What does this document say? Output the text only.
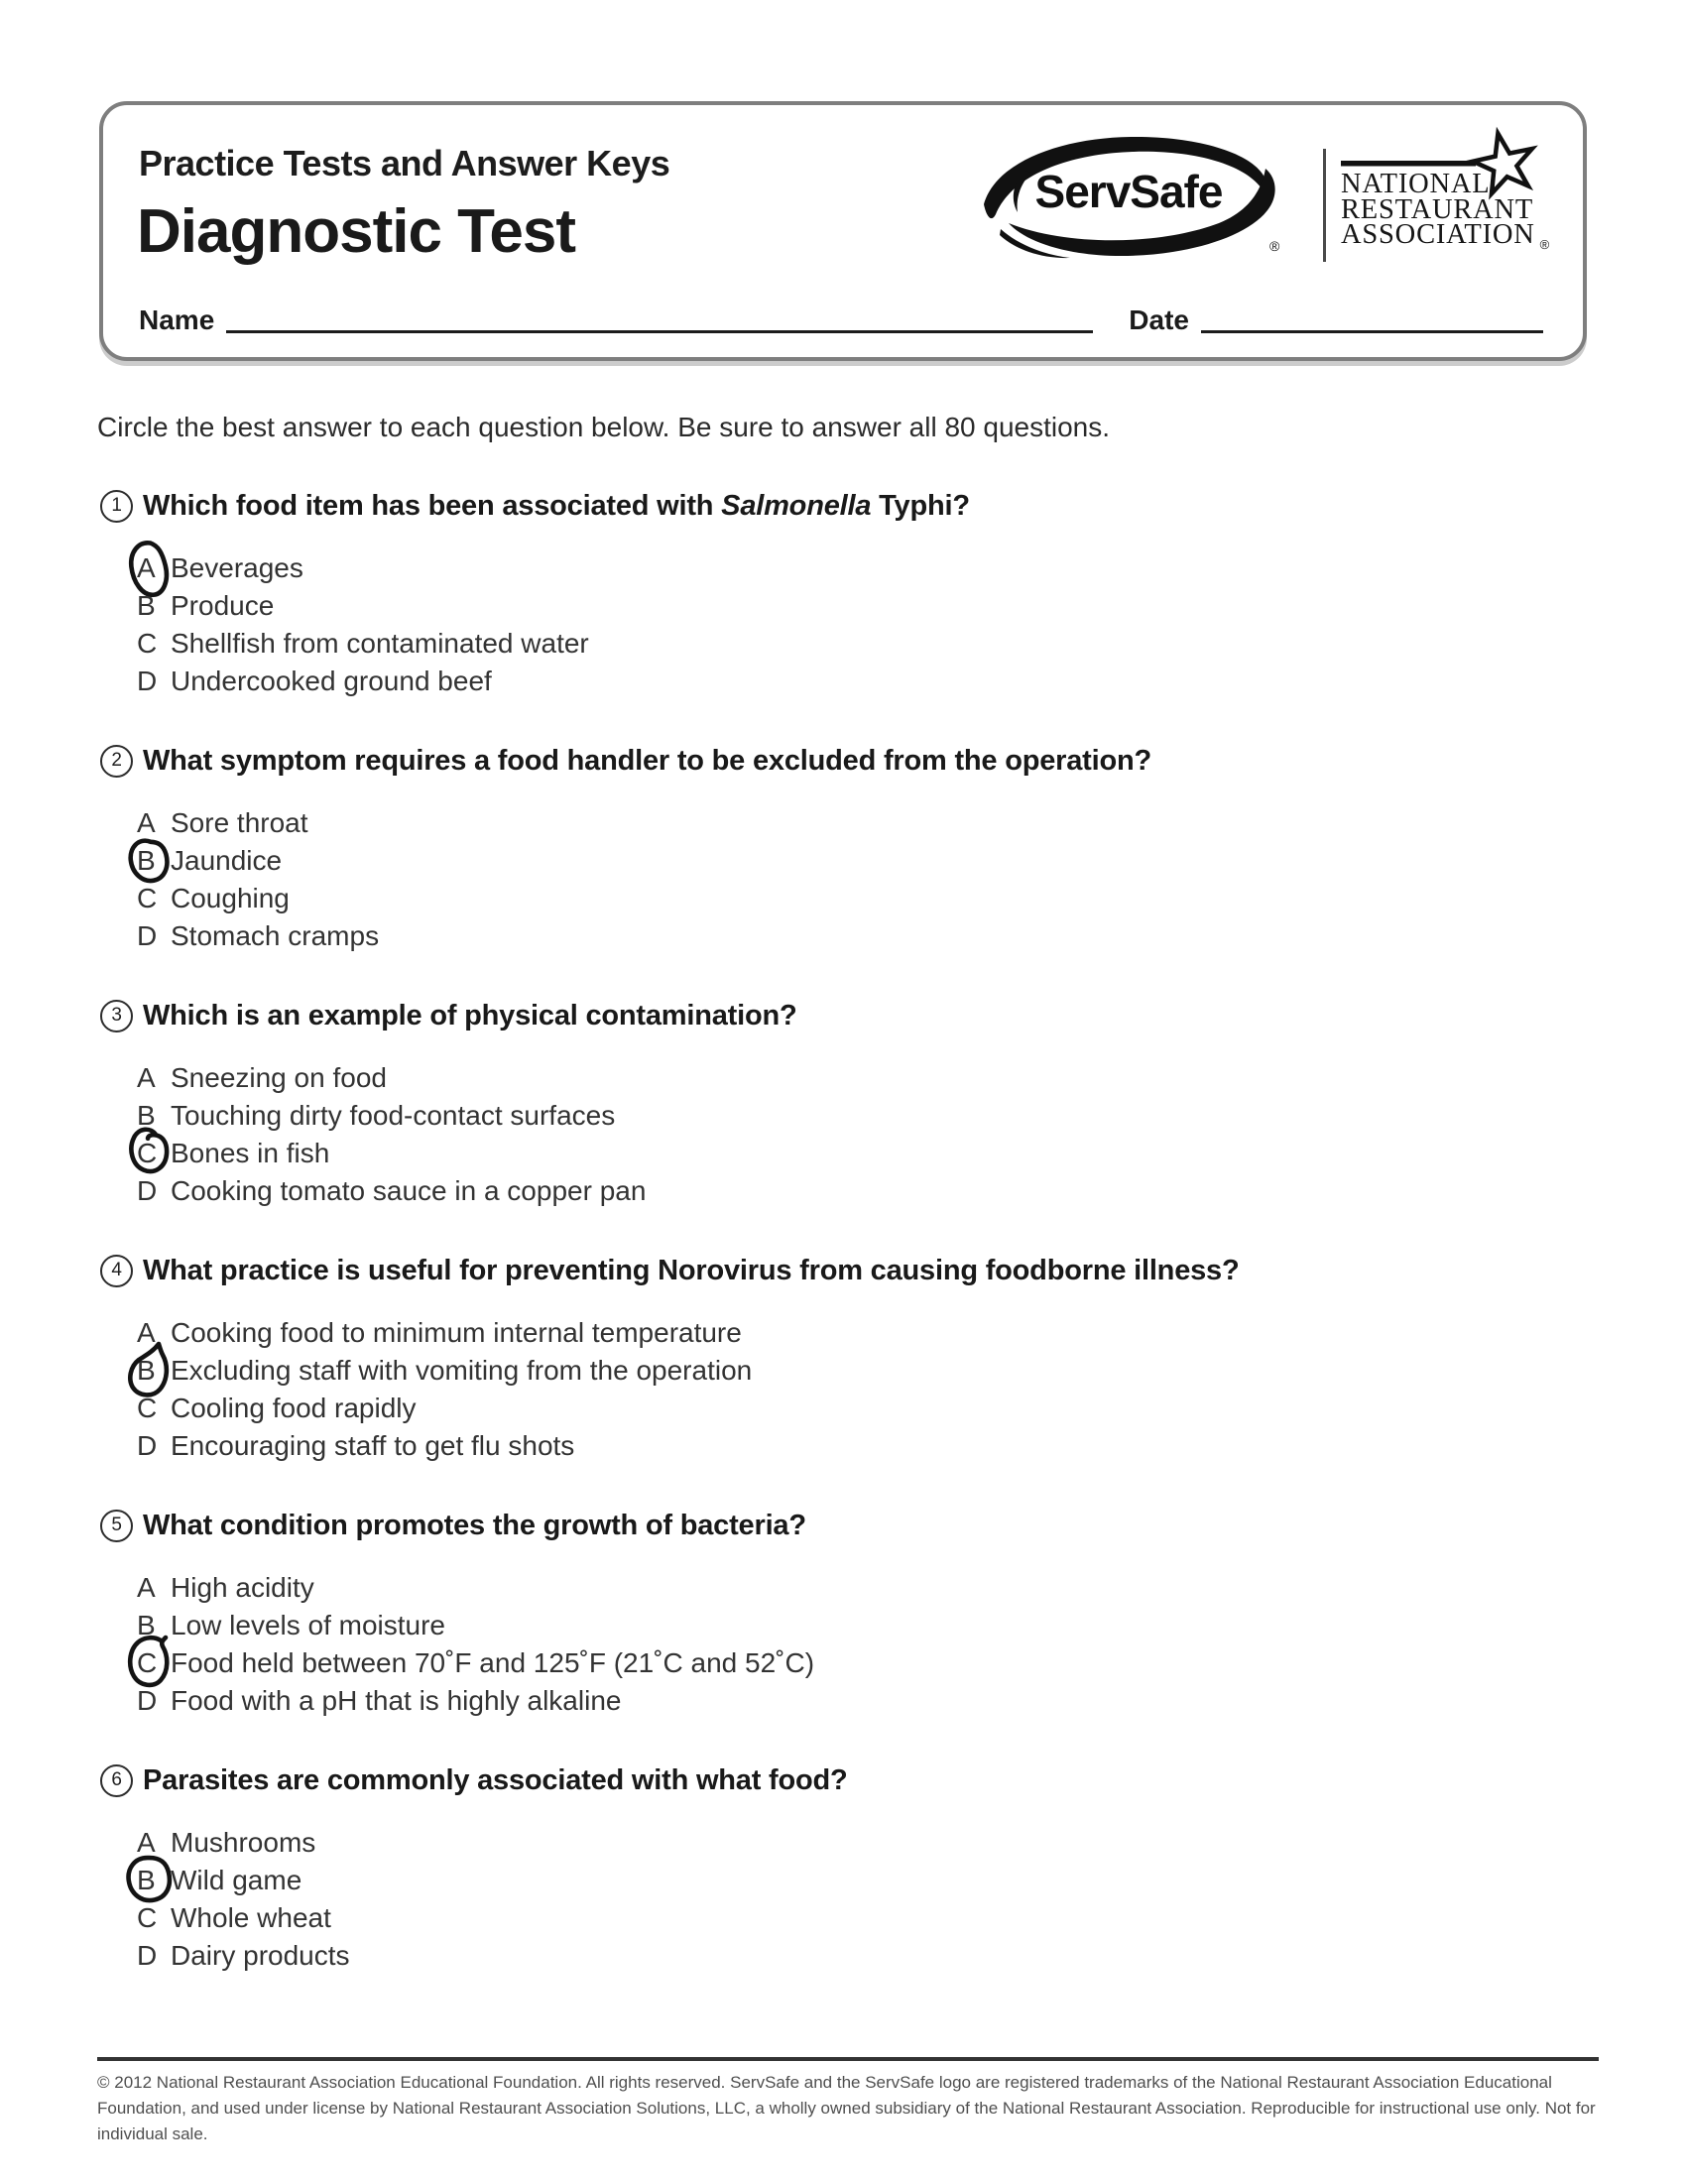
Practice Tests and Answer Keys
Diagnostic Test
ServSafe
®
NATIONAL
RESTAURANT
ASSOCIATION $_®$
Name	Date
Circle the best answer to each question below. Be sure to answer all 80 questions.
1 Which food item has been associated with Salmonella Typhi?
A Beverages
B Produce
C Shellfish from contaminated water
D Undercooked ground beef
2 What symptom requires a food handler to be excluded from the operation?
A Sore throat
B Jaundice
C Coughing
D Stomach cramps
3 Which is an example of physical contamination?
A Sneezing on food
B Touching dirty food-contact surfaces
C Bones in fish
D Cooking tomato sauce in a copper pan
4 What practice is useful for preventing Norovirus from causing foodborne illness?
A Cooking food to minimum internal temperature
B Excluding staff with vomiting from the operation
C Cooling food rapidly
D Encouraging staff to get flu shots
5 What condition promotes the growth of bacteria?
A High acidity
B Low levels of moisture
C Food held between 70˚F and 125˚F (21˚C and 52˚C)
D Food with a pH that is highly alkaline
6 Parasites are commonly associated with what food?
A Mushrooms
B Wild game
C Whole wheat
D Dairy products
© 2012 National Restaurant Association Educational Foundation. All rights reserved. ServSafe and the ServSafe logo are registered trademarks of the National Restaurant Association Educational Foundation, and used under license by National Restaurant Association Solutions, LLC, a wholly owned subsidiary of the National Restaurant Association. Reproducible for instructional use only. Not for individual sale.
